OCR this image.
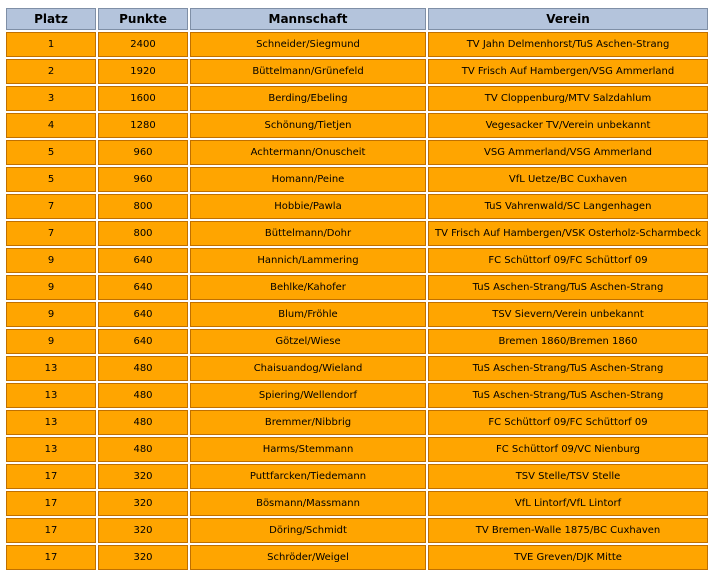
Platz	Punkte	Mannschaft	Verein
1	2400	Schneider/Siegmund	TV Jahn Delmenhorst/TuS Aschen-Strang
2	1920	Büttelmann/Grünefeld	TV Frisch Auf Hambergen/VSG Ammerland
3	1600	Berding/Ebeling	TV Cloppenburg/MTV Salzdahlum
4	1280	Schönung/Tietjen	Vegesacker TV/Verein unbekannt
5	960	Achtermann/Onuscheit	VSG Ammerland/VSG Ammerland
5	960	Homann/Peine	VfL Uetze/BC Cuxhaven
7	800	Hobbie/Pawla	TuS Vahrenwald/SC Langenhagen
7	800	Büttelmann/Dohr	TV Frisch Auf Hambergen/VSK Osterholz-Scharmbeck
9	640	Hannich/Lammering	FC Schüttorf 09/FC Schüttorf 09
9	640	Behlke/Kahofer	TuS Aschen-Strang/TuS Aschen-Strang
9	640	Blum/Fröhle	TSV Sievern/Verein unbekannt
9	640	Götzel/Wiese	Bremen 1860/Bremen 1860
13	480	Chaisuandog/Wieland	TuS Aschen-Strang/TuS Aschen-Strang
13	480	Spiering/Wellendorf	TuS Aschen-Strang/TuS Aschen-Strang
13	480	Bremmer/Nibbrig	FC Schüttorf 09/FC Schüttorf 09
13	480	Harms/Stemmann	FC Schüttorf 09/VC Nienburg
17	320	Puttfarcken/Tiedemann	TSV Stelle/TSV Stelle
17	320	Bösmann/Massmann	VfL Lintorf/VfL Lintorf
17	320	Döring/Schmidt	TV Bremen-Walle 1875/BC Cuxhaven
17	320	Schröder/Weigel	TVE Greven/DJK Mitte
